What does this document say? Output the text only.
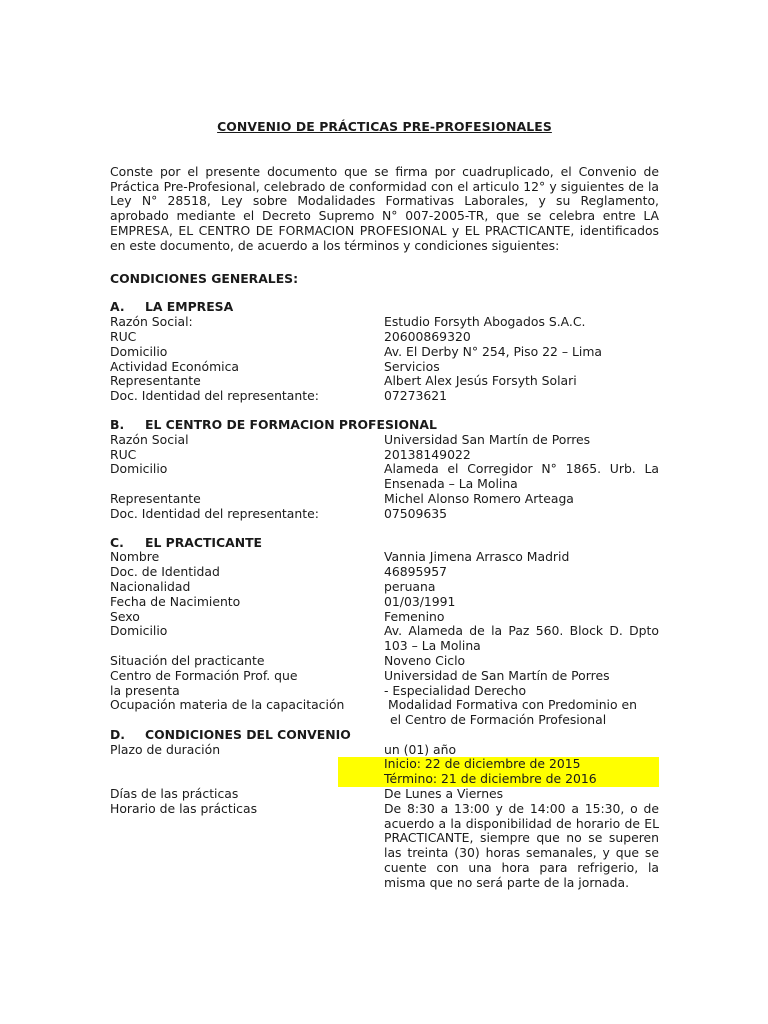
CONVENIO DE PRÁCTICAS PRE-PROFESIONALES
Conste por el presente documento que se firma por cuadruplicado, el Convenio de Práctica Pre-Profesional, celebrado de conformidad con el articulo 12° y siguientes de la Ley N° 28518, Ley sobre Modalidades Formativas Laborales, y su Reglamento, aprobado mediante el Decreto Supremo N° 007-2005-TR, que se celebra entre LA EMPRESA, EL CENTRO DE FORMACION PROFESIONAL y EL PRACTICANTE, identificados en este documento, de acuerdo a los términos y condiciones siguientes:
CONDICIONES GENERALES:
A. LA EMPRESA
Razón Social:	Estudio Forsyth Abogados S.A.C.
RUC	20600869320
Domicilio	Av. El Derby N° 254, Piso 22 – Lima
Actividad Económica	Servicios
Representante	Albert Alex Jesús Forsyth Solari
Doc. Identidad del representante:	07273621
B. EL CENTRO DE FORMACION PROFESIONAL
Razón Social	Universidad San Martín de Porres
RUC	20138149022
Domicilio	Alameda el Corregidor N° 1865. Urb. La Ensenada – La Molina
Representante	Michel Alonso Romero Arteaga
Doc. Identidad del representante:	07509635
C. EL PRACTICANTE
Nombre	Vannia Jimena Arrasco Madrid
Doc. de Identidad	46895957
Nacionalidad	peruana
Fecha de Nacimiento	01/03/1991
Sexo	Femenino
Domicilio	Av. Alameda de la Paz 560. Block D. Dpto 103 – La Molina
Situación del practicante	Noveno Ciclo
Centro de Formación Prof. que	Universidad de San Martín de Porres
la presenta	- Especialidad Derecho
Ocupación materia de la capacitación	Modalidad Formativa con Predominio en
el Centro de Formación Profesional
D. CONDICIONES DEL CONVENIO
Plazo de duración	un (01) año
Inicio: 22 de diciembre de 2015
Término: 21 de diciembre de 2016
Días de las prácticas	De Lunes a Viernes
Horario de las prácticas	De 8:30 a 13:00 y de 14:00 a 15:30, o de acuerdo a la disponibilidad de horario de EL PRACTICANTE, siempre que no se superen las treinta (30) horas semanales, y que se cuente con una hora para refrigerio, la misma que no será parte de la jornada.
